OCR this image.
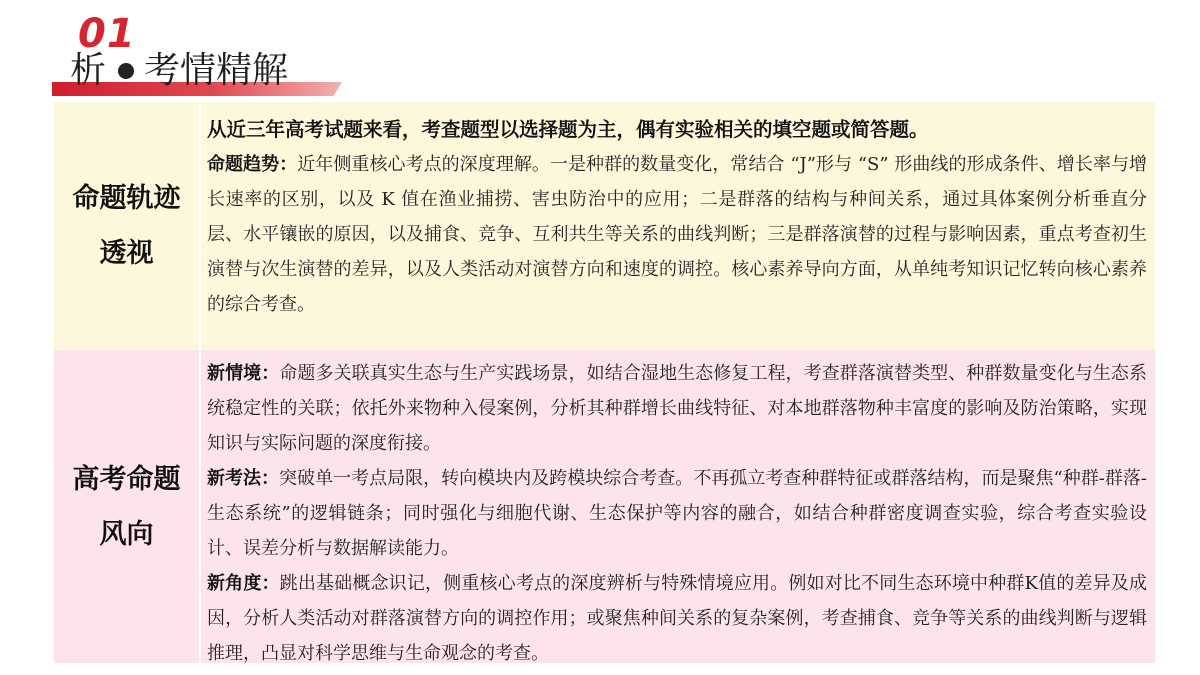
01
析 考情精解
命题轨迹透视
从近三年高考试题来看，考查题型以选择题为主，偶有实验相关的填空题或简答题。

命题趋势：近年侧重核心考点的深度理解。一是种群的数量变化，常结合 “J”形与 “S” 形曲线的形成条件、增长率与增长速率的区别，以及 K 值在渔业捕捞、害虫防治中的应用；二是群落的结构与种间关系，通过具体案例分析垂直分层、水平镶嵌的原因，以及捕食、竞争、互利共生等关系的曲线判断；三是群落演替的过程与影响因素，重点考查初生演替与次生演替的差异，以及人类活动对演替方向和速度的调控。核心素养导向方面，从单纯考知识记忆转向核心素养的综合考查。

高考命题风向

新情境：命题多关联真实生态与生产实践场景，如结合湿地生态修复工程，考查群落演替类型、种群数量变化与生态系统稳定性的关联；依托外来物种入侵案例，分析其种群增长曲线特征、对本地群落物种丰富度的影响及防治策略，实现知识与实际问题的深度衔接。

新考法：突破单一考点局限，转向模块内及跨模块综合考查。不再孤立考查种群特征或群落结构，而是聚焦“种群-群落-生态系统”的逻辑链条；同时强化与细胞代谢、生态保护等内容的融合，如结合种群密度调查实验，综合考查实验设计、误差分析与数据解读能力。

新角度：跳出基础概念识记，侧重核心考点的深度辨析与特殊情境应用。例如对比不同生态环境中种群K值的差异及成因，分析人类活动对群落演替方向的调控作用；或聚焦种间关系的复杂案例，考查捕食、竞争等关系的曲线判断与逻辑推理，凸显对科学思维与生命观念的考查。
